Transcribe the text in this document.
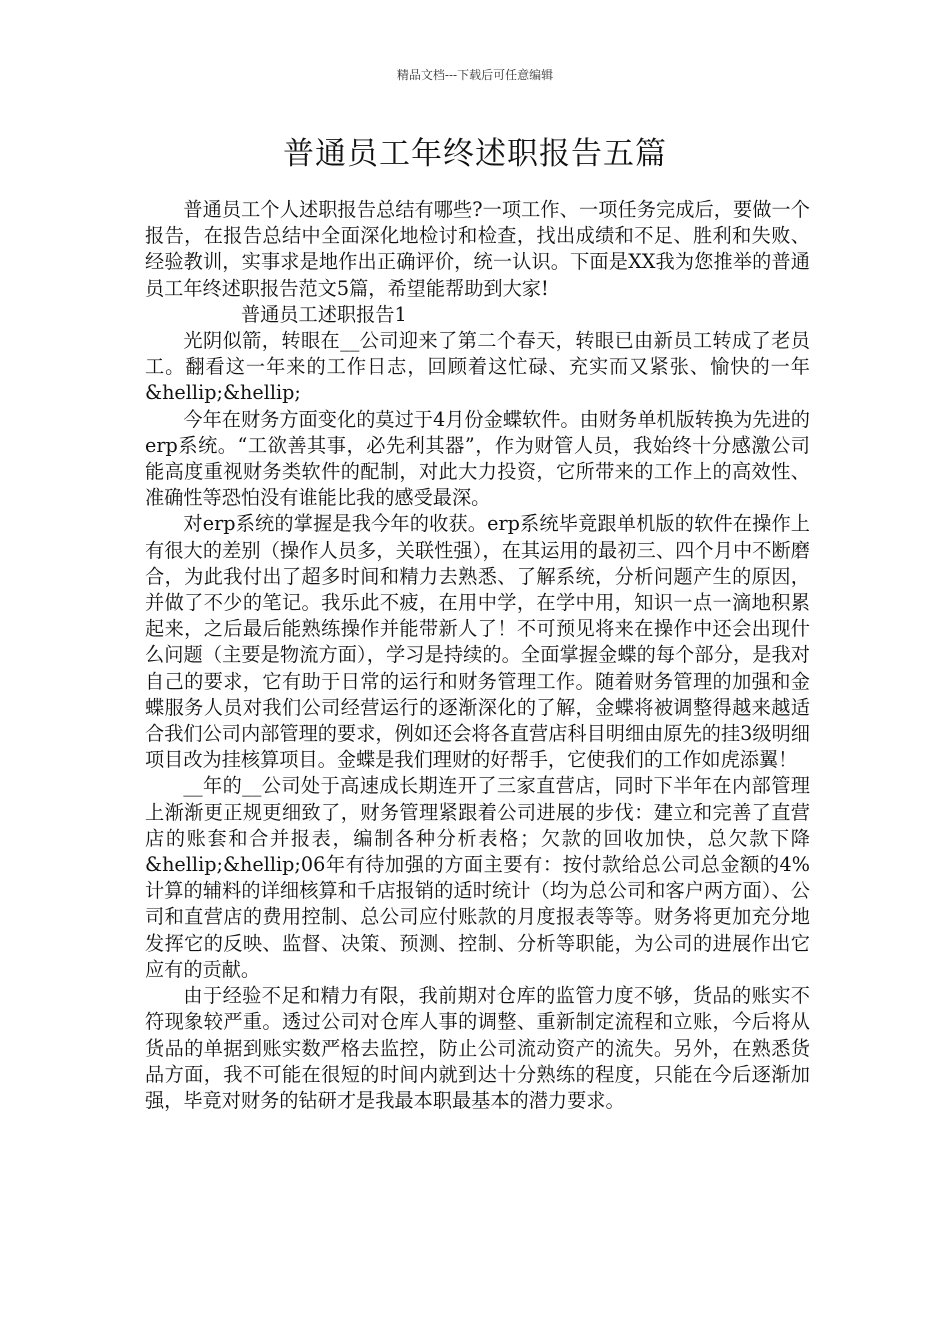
精品文档---下载后可任意编辑
普通员工年终述职报告五篇

普通员工个人述职报告总结有哪些?一项工作、一项任务完成后，要做一个报告，在报告总结中全面深化地检讨和检查，找出成绩和不足、胜利和失败、经验教训，实事求是地作出正确评价，统一认识。下面是XX我为您推举的普通员工年终述职报告范文5篇，希望能帮助到大家!

普通员工述职报告1

光阴似箭，转眼在__公司迎来了第二个春天，转眼已由新员工转成了老员工。翻看这一年来的工作日志，回顾着这忙碌、充实而又紧张、愉快的一年&hellip;&hellip;

今年在财务方面变化的莫过于4月份金蝶软件。由财务单机版转换为先进的erp系统。“工欲善其事，必先利其器”，作为财管人员，我始终十分感激公司能高度重视财务类软件的配制，对此大力投资，它所带来的工作上的高效性、准确性等恐怕没有谁能比我的感受最深。

对erp系统的掌握是我今年的收获。erp系统毕竟跟单机版的软件在操作上有很大的差别（操作人员多，关联性强），在其运用的最初三、四个月中不断磨合，为此我付出了超多时间和精力去熟悉、了解系统，分析问题产生的原因，并做了不少的笔记。我乐此不疲，在用中学，在学中用，知识一点一滴地积累起来，之后最后能熟练操作并能带新人了！不可预见将来在操作中还会出现什么问题（主要是物流方面），学习是持续的。全面掌握金蝶的每个部分，是我对自己的要求，它有助于日常的运行和财务管理工作。随着财务管理的加强和金蝶服务人员对我们公司经营运行的逐渐深化的了解，金蝶将被调整得越来越适合我们公司内部管理的要求，例如还会将各直营店科目明细由原先的挂3级明细项目改为挂核算项目。金蝶是我们理财的好帮手，它使我们的工作如虎添翼！

__年的__公司处于高速成长期连开了三家直营店，同时下半年在内部管理上渐渐更正规更细致了，财务管理紧跟着公司进展的步伐：建立和完善了直营店的账套和合并报表，编制各种分析表格；欠款的回收加快，总欠款下降&hellip;&hellip;06年有待加强的方面主要有：按付款给总公司总金额的4%计算的辅料的详细核算和千店报销的适时统计（均为总公司和客户两方面）、公司和直营店的费用控制、总公司应付账款的月度报表等等。财务将更加充分地发挥它的反映、监督、决策、预测、控制、分析等职能，为公司的进展作出它应有的贡献。

由于经验不足和精力有限，我前期对仓库的监管力度不够，货品的账实不符现象较严重。透过公司对仓库人事的调整、重新制定流程和立账，今后将从货品的单据到账实数严格去监控，防止公司流动资产的流失。另外，在熟悉货品方面，我不可能在很短的时间内就到达十分熟练的程度，只能在今后逐渐加强，毕竟对财务的钻研才是我最本职最基本的潜力要求。
